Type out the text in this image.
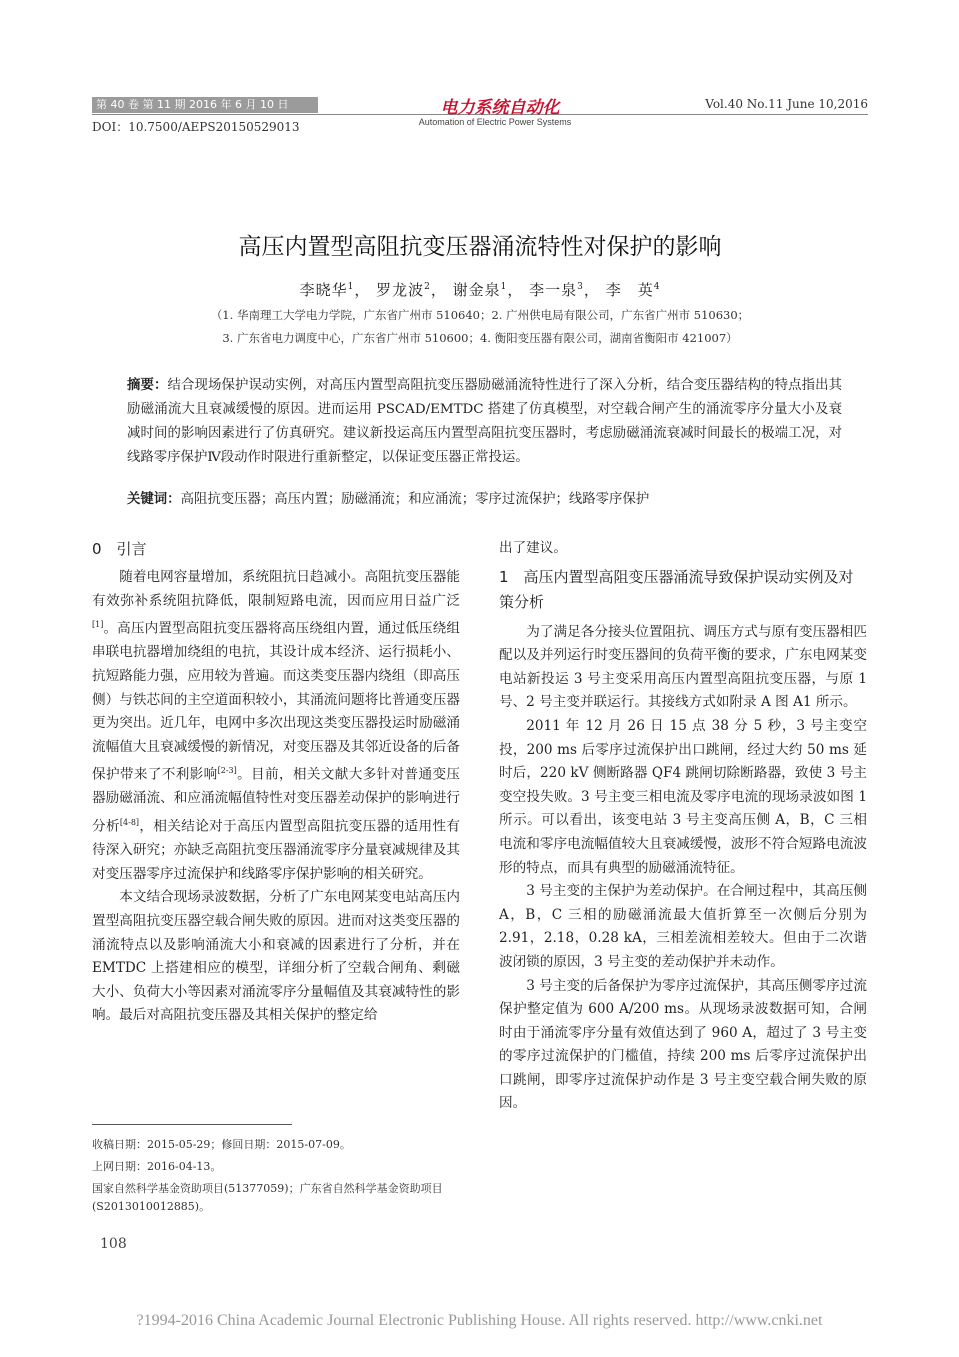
第 40 卷 第 11 期 2016 年 6 月 10 日
DOI：10.7500/AEPS20150529013
电力系统自动化
Automation of Electric Power Systems
Vol.40 No.11 June 10,2016
高压内置型高阻抗变压器涌流特性对保护的影响
李晓华$^1$， 罗龙波$^2$， 谢金泉$^1$， 李一泉$^3$， 李　英$^4$
（1. 华南理工大学电力学院，广东省广州市 510640；2. 广州供电局有限公司，广东省广州市 510630；
3. 广东省电力调度中心，广东省广州市 510600；4. 衡阳变压器有限公司，湖南省衡阳市 421007）
摘要：结合现场保护误动实例，对高压内置型高阻抗变压器励磁涌流特性进行了深入分析，结合变压器结构的特点指出其励磁涌流大且衰减缓慢的原因。进而运用 PSCAD/EMTDC 搭建了仿真模型，对空载合闸产生的涌流零序分量大小及衰减时间的影响因素进行了仿真研究。建议新投运高压内置型高阻抗变压器时，考虑励磁涌流衰减时间最长的极端工况，对线路零序保护Ⅳ段动作时限进行重新整定，以保证变压器正常投运。
关键词：高阻抗变压器；高压内置；励磁涌流；和应涌流；零序过流保护；线路零序保护
0　引言

随着电网容量增加，系统阻抗日趋减小。高阻抗变压器能有效弥补系统阻抗降低，限制短路电流，因而应用日益广泛[1]。高压内置型高阻抗变压器将高压绕组内置，通过低压绕组串联电抗器增加绕组的电抗，其设计成本经济、运行损耗小、抗短路能力强，应用较为普遍。而这类变压器内绕组（即高压侧）与铁芯间的主空道面积较小，其涌流问题将比普通变压器更为突出。近几年，电网中多次出现这类变压器投运时励磁涌流幅值大且衰减缓慢的新情况，对变压器及其邻近设备的后备保护带来了不利影响[2-3]。目前，相关文献大多针对普通变压器励磁涌流、和应涌流幅值特性对变压器差动保护的影响进行分析[4-8]，相关结论对于高压内置型高阻抗变压器的适用性有待深入研究；亦缺乏高阻抗变压器涌流零序分量衰减规律及其对变压器零序过流保护和线路零序保护影响的相关研究。

本文结合现场录波数据，分析了广东电网某变电站高压内置型高阻抗变压器空载合闸失败的原因。进而对这类变压器的涌流特点以及影响涌流大小和衰减的因素进行了分析，并在 EMTDC 上搭建相应的模型，详细分析了空载合闸角、剩磁大小、负荷大小等因素对涌流零序分量幅值及其衰减特性的影响。最后对高阻抗变压器及其相关保护的整定给

出了建议。

1　高压内置型高阻变压器涌流导致保护误动实例及对策分析

为了满足各分接头位置阻抗、调压方式与原有变压器相匹配以及并列运行时变压器间的负荷平衡的要求，广东电网某变电站新投运 3 号主变采用高压内置型高阻抗变压器，与原 1 号、2 号主变并联运行。其接线方式如附录 A 图 A1 所示。

2011 年 12 月 26 日 15 点 38 分 5 秒，3 号主变空投，200 ms 后零序过流保护出口跳闸，经过大约 50 ms 延时后，220 kV 侧断路器 QF4 跳闸切除断路器，致使 3 号主变空投失败。3 号主变三相电流及零序电流的现场录波如图 1 所示。可以看出，该变电站 3 号主变高压侧 A，B，C 三相电流和零序电流幅值较大且衰减缓慢，波形不符合短路电流波形的特点，而具有典型的励磁涌流特征。

3 号主变的主保护为差动保护。在合闸过程中，其高压侧 A，B，C 三相的励磁涌流最大值折算至一次侧后分别为 2.91，2.18，0.28 kA，三相差流相差较大。但由于二次谐波闭锁的原因，3 号主变的差动保护并未动作。

3 号主变的后备保护为零序过流保护，其高压侧零序过流保护整定值为 600 A/200 ms。从现场录波数据可知，合闸时由于涌流零序分量有效值达到了 960 A，超过了 3 号主变的零序过流保护的门槛值，持续 200 ms 后零序过流保护出口跳闸，即零序过流保护动作是 3 号主变空载合闸失败的原因。

收稿日期：2015-05-29；修回日期：2015-07-09。
上网日期：2016-04-13。
国家自然科学基金资助项目(51377059)；广东省自然科学基金资助项目(S2013010012885)。
108
?1994-2016 China Academic Journal Electronic Publishing House. All rights reserved. http://www.cnki.net
